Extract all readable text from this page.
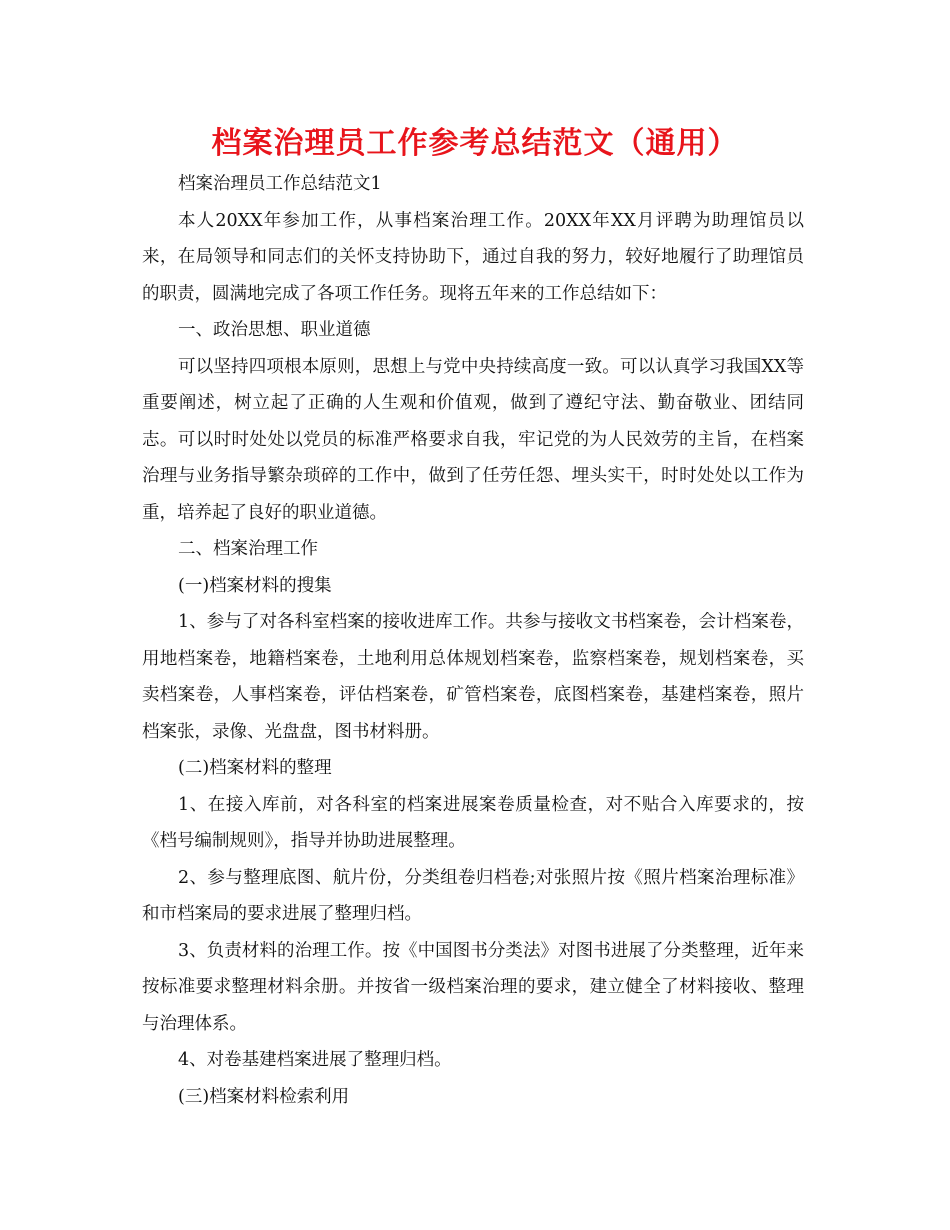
档案治理员工作参考总结范文（通用）

档案治理员工作总结范文1

本人20XX年参加工作，从事档案治理工作。20XX年XX月评聘为助理馆员以来，在局领导和同志们的关怀支持协助下，通过自我的努力，较好地履行了助理馆员的职责，圆满地完成了各项工作任务。现将五年来的工作总结如下：

一、政治思想、职业道德

可以坚持四项根本原则，思想上与党中央持续高度一致。可以认真学习我国XX等重要阐述，树立起了正确的人生观和价值观，做到了遵纪守法、勤奋敬业、团结同志。可以时时处处以党员的标准严格要求自我，牢记党的为人民效劳的主旨，在档案治理与业务指导繁杂琐碎的工作中，做到了任劳任怨、埋头实干，时时处处以工作为重，培养起了良好的职业道德。

二、档案治理工作

(一)档案材料的搜集

1、参与了对各科室档案的接收进库工作。共参与接收文书档案卷，会计档案卷，用地档案卷，地籍档案卷，土地利用总体规划档案卷，监察档案卷，规划档案卷，买卖档案卷，人事档案卷，评估档案卷，矿管档案卷，底图档案卷，基建档案卷，照片档案张，录像、光盘盘，图书材料册。

(二)档案材料的整理

1、在接入库前，对各科室的档案进展案卷质量检查，对不贴合入库要求的，按《档号编制规则》，指导并协助进展整理。

2、参与整理底图、航片份，分类组卷归档卷;对张照片按《照片档案治理标准》和市档案局的要求进展了整理归档。

3、负责材料的治理工作。按《中国图书分类法》对图书进展了分类整理，近年来按标准要求整理材料余册。并按省一级档案治理的要求，建立健全了材料接收、整理与治理体系。

4、对卷基建档案进展了整理归档。

(三)档案材料检索利用
